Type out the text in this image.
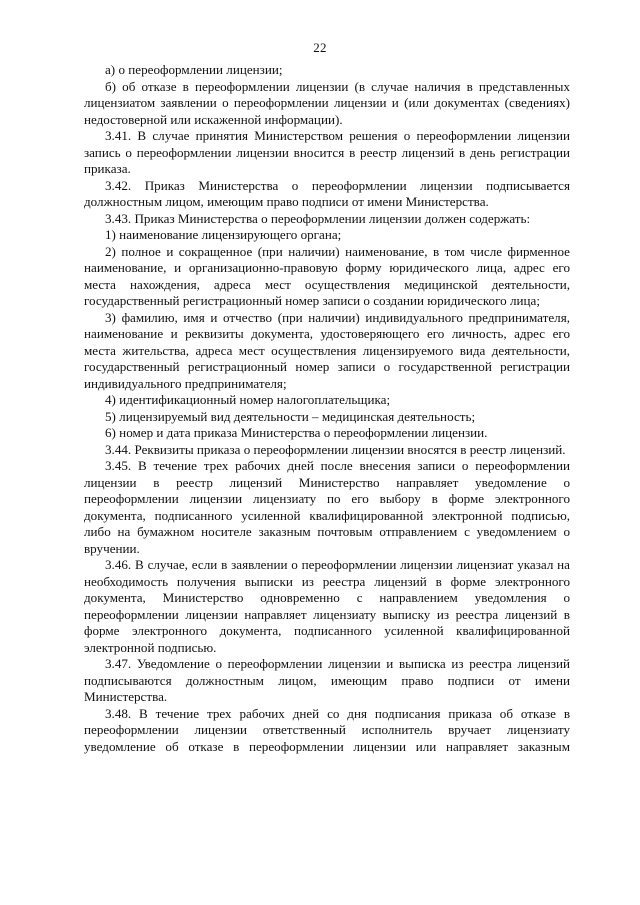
22

а) о переоформлении лицензии;

б) об отказе в переоформлении лицензии (в случае наличия в представленных лицензиатом заявлении о переоформлении лицензии и (или документах (сведениях) недостоверной или искаженной информации).

3.41. В случае принятия Министерством решения о переоформлении лицензии запись о переоформлении лицензии вносится в реестр лицензий в день регистрации приказа.

3.42. Приказ Министерства о переоформлении лицензии подписывается должностным лицом, имеющим право подписи от имени Министерства.

3.43. Приказ Министерства о переоформлении лицензии должен содержать:

1) наименование лицензирующего органа;

2) полное и сокращенное (при наличии) наименование, в том числе фирменное наименование, и организационно-правовую форму юридического лица, адрес его места нахождения, адреса мест осуществления медицинской деятельности, государственный регистрационный номер записи о создании юридического лица;

3) фамилию, имя и отчество (при наличии) индивидуального предпринимателя, наименование и реквизиты документа, удостоверяющего его личность, адрес его места жительства, адреса мест осуществления лицензируемого вида деятельности, государственный регистрационный номер записи о государственной регистрации индивидуального предпринимателя;

4) идентификационный номер налогоплательщика;

5) лицензируемый вид деятельности – медицинская деятельность;

6) номер и дата приказа Министерства о переоформлении лицензии.

3.44. Реквизиты приказа о переоформлении лицензии вносятся в реестр лицензий.

3.45. В течение трех рабочих дней после внесения записи о переоформлении лицензии в реестр лицензий Министерство направляет уведомление о переоформлении лицензии лицензиату по его выбору в форме электронного документа, подписанного усиленной квалифицированной электронной подписью, либо на бумажном носителе заказным почтовым отправлением с уведомлением о вручении.

3.46. В случае, если в заявлении о переоформлении лицензии лицензиат указал на необходимость получения выписки из реестра лицензий в форме электронного документа, Министерство одновременно с направлением уведомления о переоформлении лицензии направляет лицензиату выписку из реестра лицензий в форме электронного документа, подписанного усиленной квалифицированной электронной подписью.

3.47. Уведомление о переоформлении лицензии и выписка из реестра лицензий подписываются должностным лицом, имеющим право подписи от имени Министерства.

3.48. В течение трех рабочих дней со дня подписания приказа об отказе в переоформлении лицензии ответственный исполнитель вручает лицензиату уведомление об отказе в переоформлении лицензии или направляет заказным
